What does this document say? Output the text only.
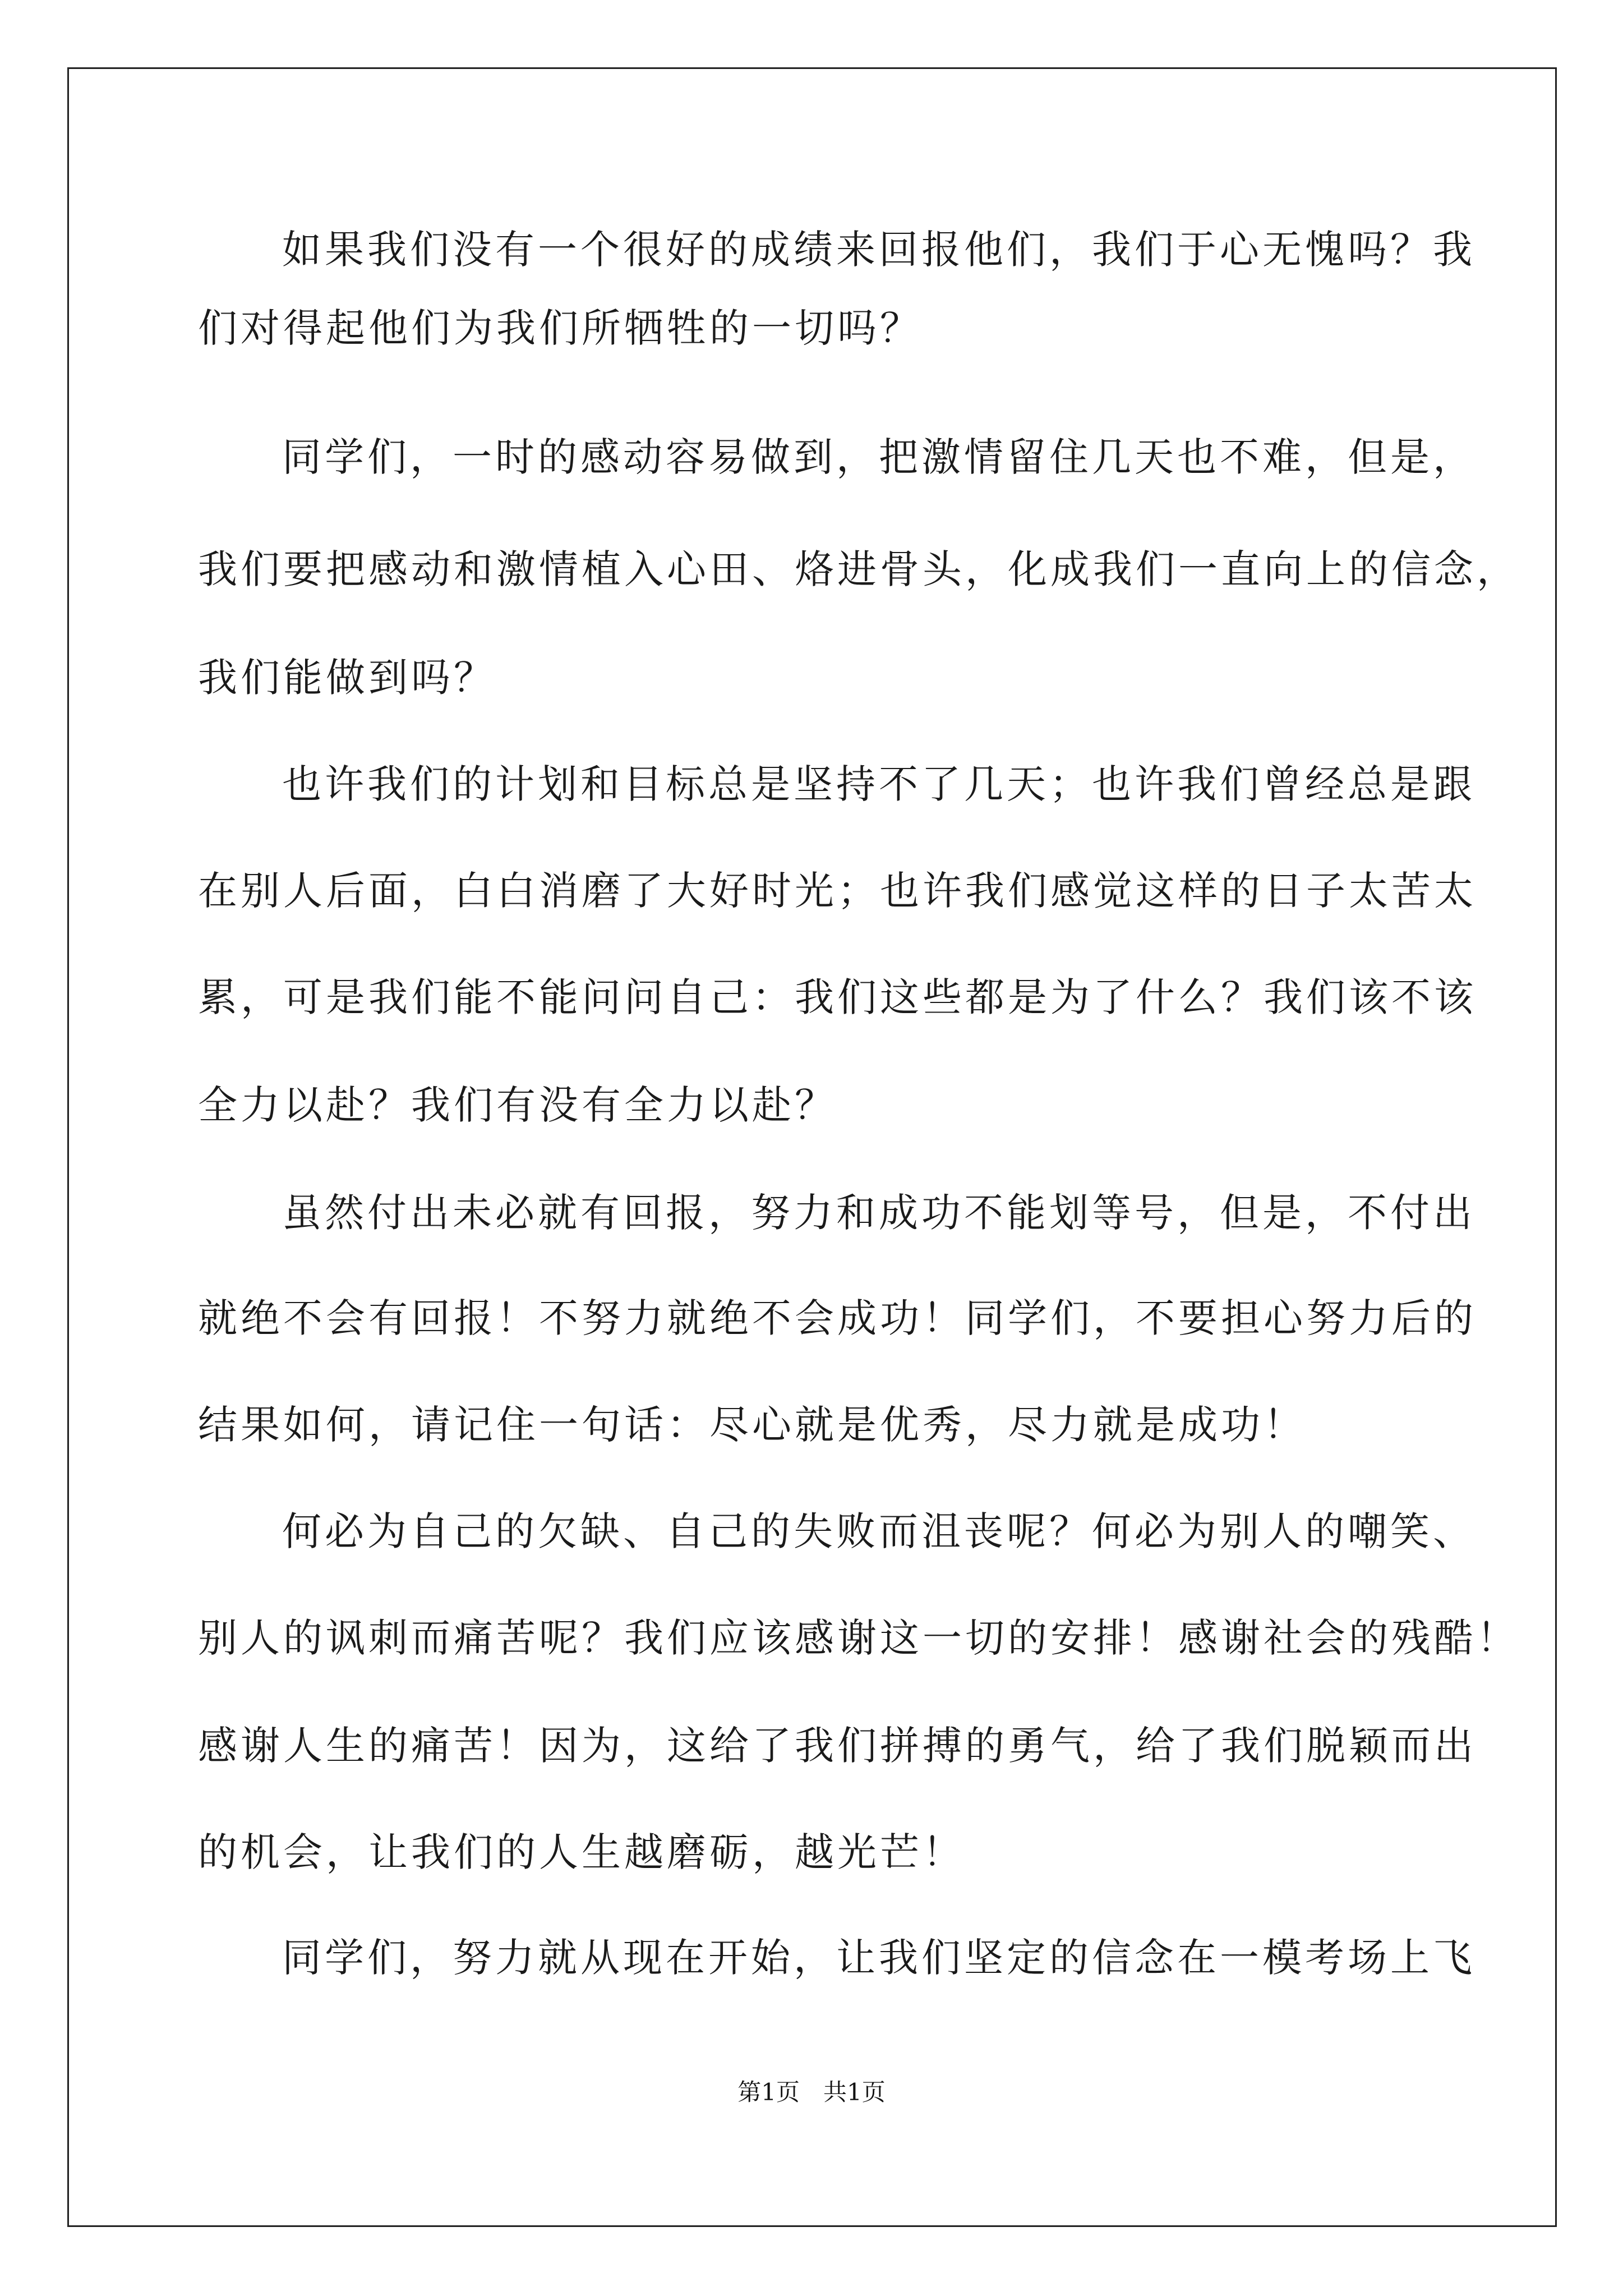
如果我们没有一个很好的成绩来回报他们，我们于心无愧吗？我
们对得起他们为我们所牺牲的一切吗？
同学们，一时的感动容易做到，把激情留住几天也不难，但是，
我们要把感动和激情植入心田、烙进骨头，化成我们一直向上的信念，
我们能做到吗？
也许我们的计划和目标总是坚持不了几天；也许我们曾经总是跟
在别人后面，白白消磨了大好时光；也许我们感觉这样的日子太苦太
累，可是我们能不能问问自己：我们这些都是为了什么？我们该不该
全力以赴？我们有没有全力以赴？
虽然付出未必就有回报，努力和成功不能划等号，但是，不付出
就绝不会有回报！不努力就绝不会成功！同学们，不要担心努力后的
结果如何，请记住一句话：尽心就是优秀，尽力就是成功！
何必为自己的欠缺、自己的失败而沮丧呢？何必为别人的嘲笑、
别人的讽刺而痛苦呢？我们应该感谢这一切的安排！感谢社会的残酷！
感谢人生的痛苦！因为，这给了我们拼搏的勇气，给了我们脱颖而出
的机会，让我们的人生越磨砺，越光芒！
同学们，努力就从现在开始，让我们坚定的信念在一模考场上飞
第1页　共1页
